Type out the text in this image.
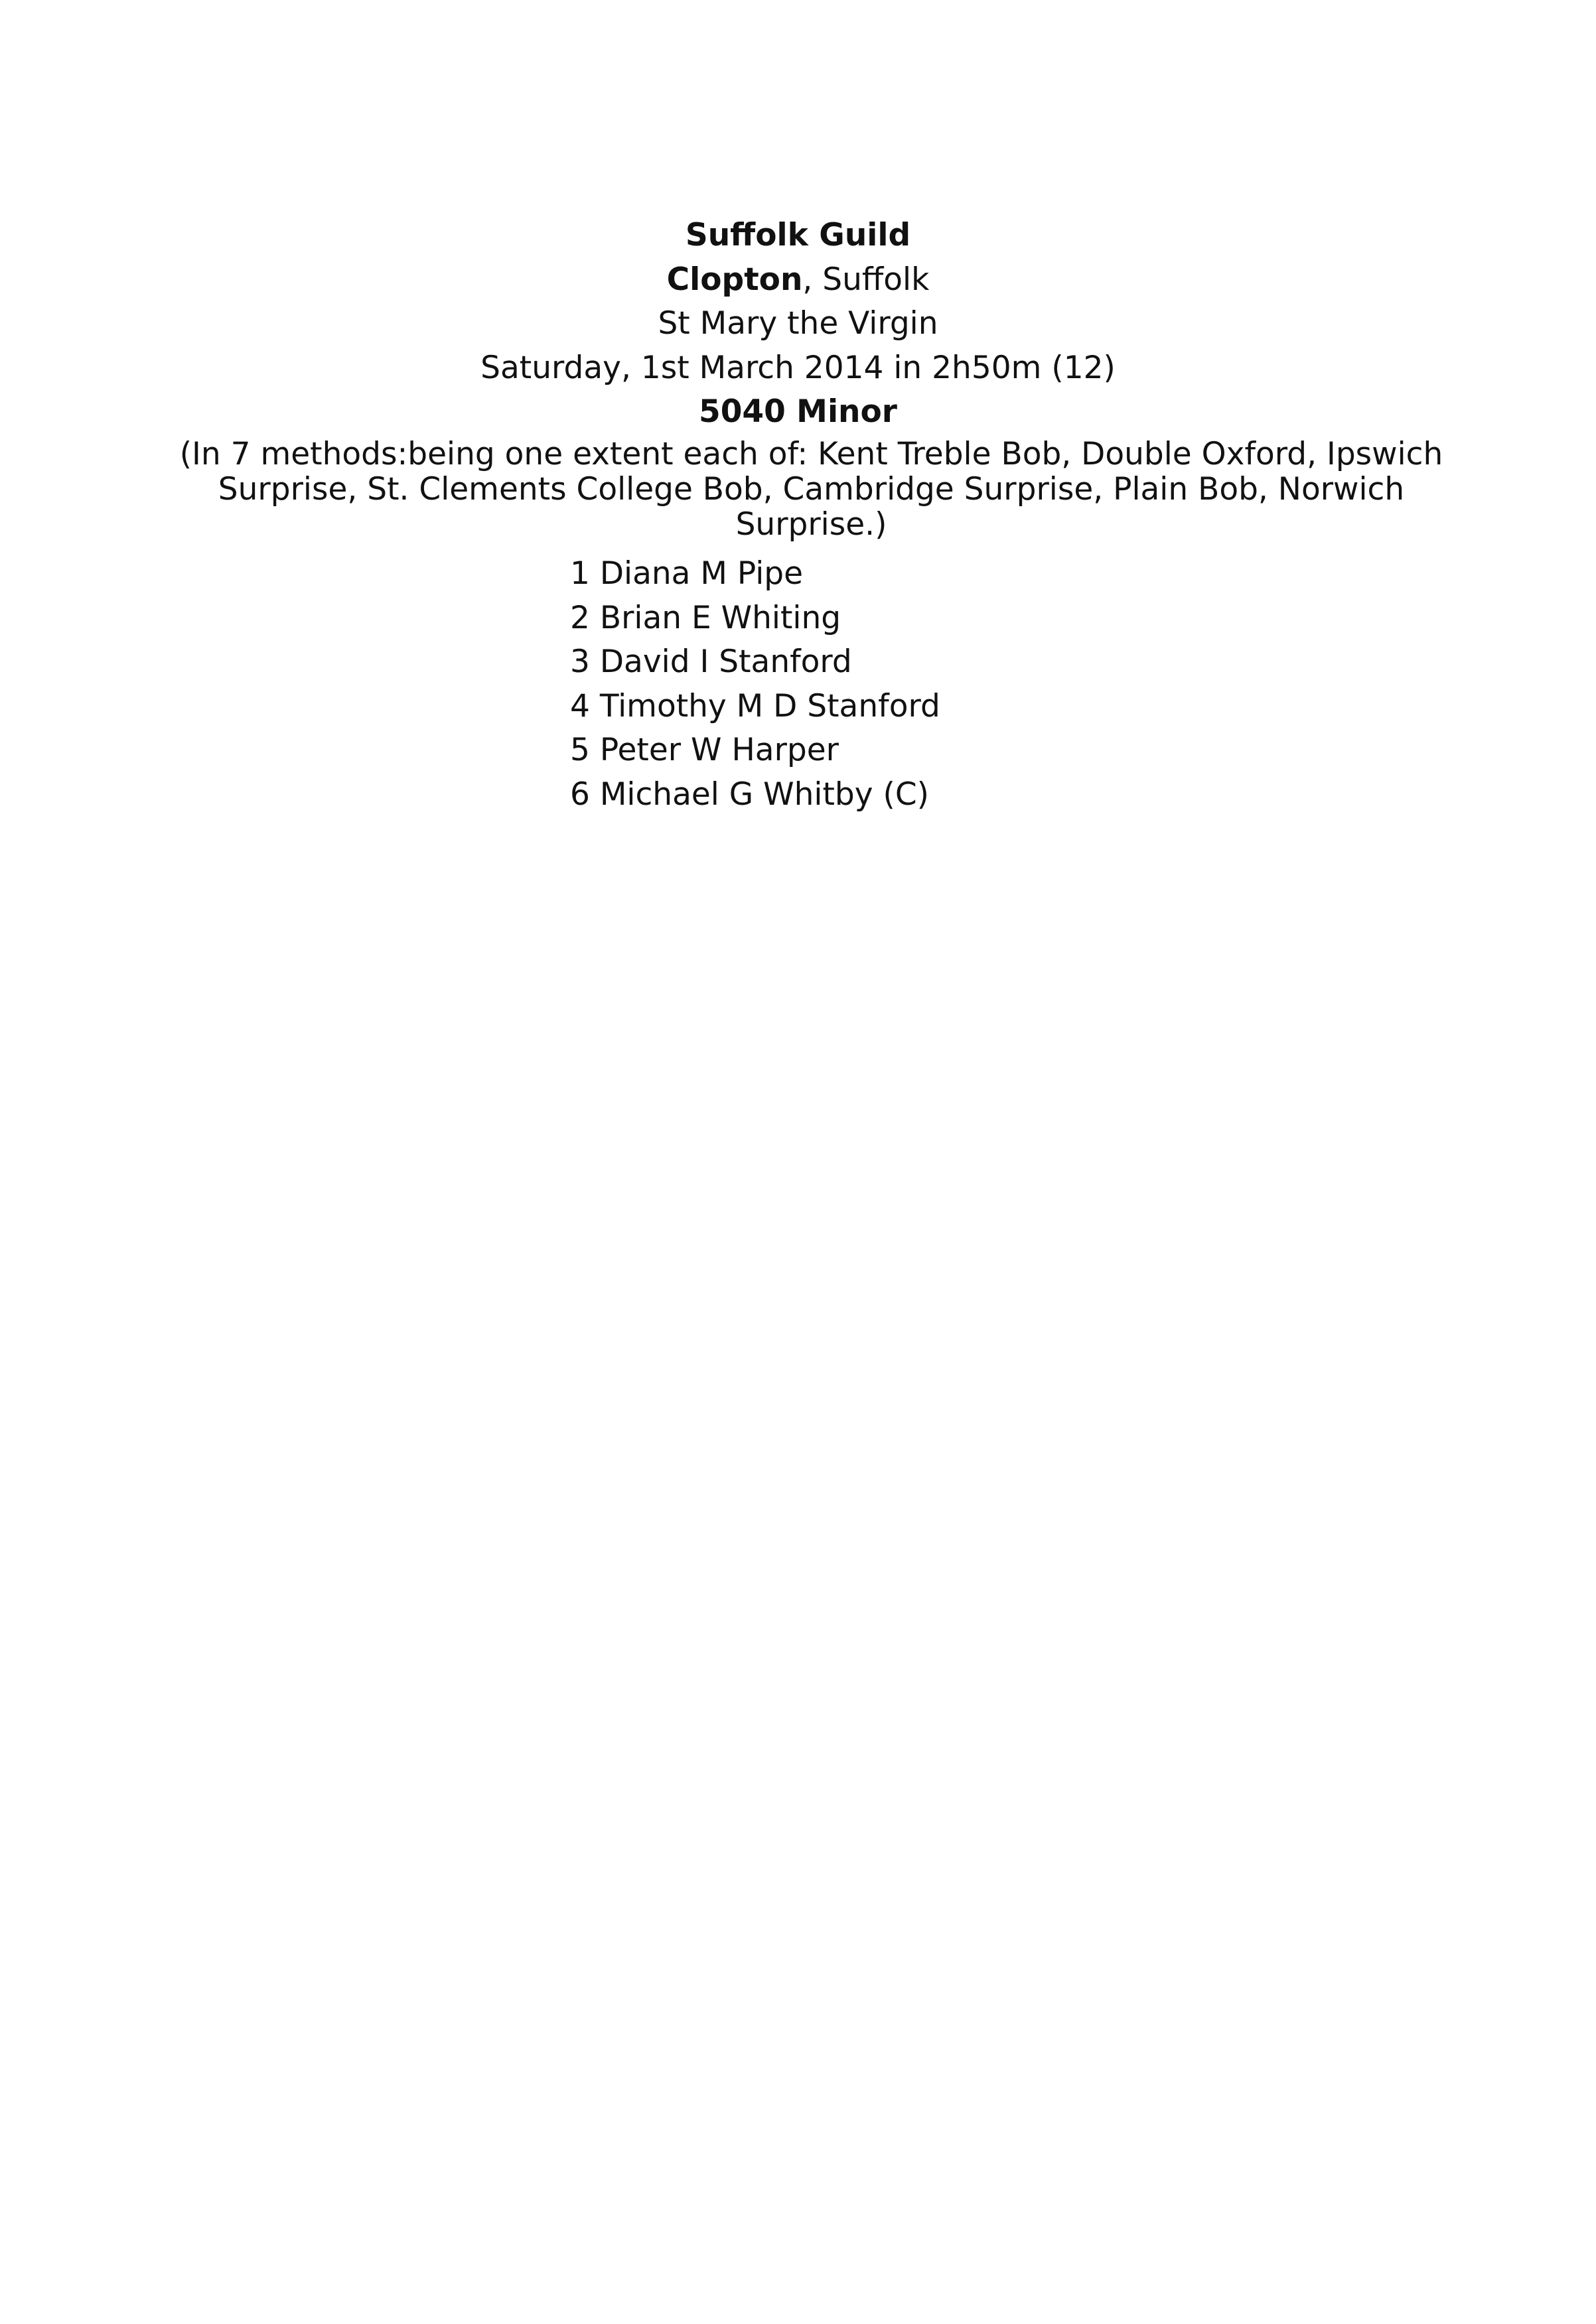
Suffolk Guild
Clopton, Suffolk
St Mary the Virgin
Saturday, 1st March 2014 in 2h50m (12)
5040 Minor
(In 7 methods:being one extent each of: Kent Treble Bob, Double Oxford, Ipswich Surprise, St. Clements College Bob, Cambridge Surprise, Plain Bob, Norwich Surprise.)
1 Diana M Pipe
2 Brian E Whiting
3 David I Stanford
4 Timothy M D Stanford
5 Peter W Harper
6 Michael G Whitby (C)
